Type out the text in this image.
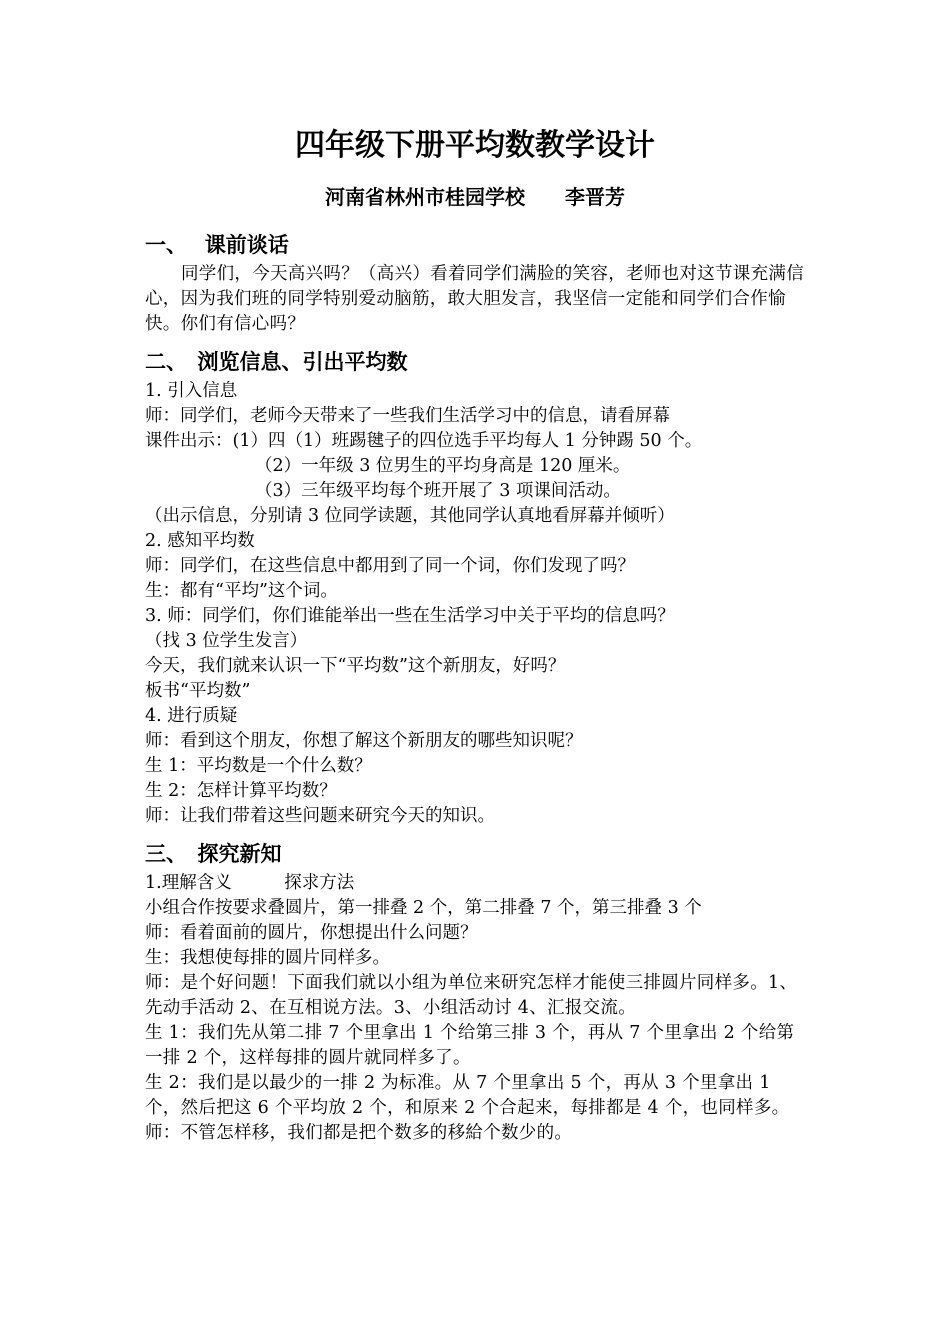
四年级下册平均数教学设计
河南省林州市桂园学校　　李晋芳
一、　 课前谈话

同学们，今天高兴吗？（高兴）看着同学们满脸的笑容，老师也对这节课充满信心，因为我们班的同学特别爱动脑筋，敢大胆发言，我坚信一定能和同学们合作愉快。你们有信心吗？

二、　浏览信息、引出平均数

1. 引入信息

师：同学们，老师今天带来了一些我们生活学习中的信息，请看屏幕

课件出示：(1）四（1）班踢毽子的四位选手平均每人 1 分钟踢 50 个。

（2）一年级 3 位男生的平均身高是 120 厘米。

（3）三年级平均每个班开展了 3 项课间活动。

（出示信息，分别请 3 位同学读题，其他同学认真地看屏幕并倾听）

2. 感知平均数

师：同学们，在这些信息中都用到了同一个词，你们发现了吗？

生：都有“平均”这个词。

3. 师：同学们，你们谁能举出一些在生活学习中关于平均的信息吗？

（找 3 位学生发言）

今天，我们就来认识一下“平均数”这个新朋友，好吗？

板书“平均数”

4. 进行质疑

师：看到这个朋友，你想了解这个新朋友的哪些知识呢？

生 1：平均数是一个什么数？

生 2：怎样计算平均数？

师：让我们带着这些问题来研究今天的知识。

三、　探究新知

1.理解含义　　　探求方法

小组合作按要求叠圆片，第一排叠 2 个，第二排叠 7 个，第三排叠 3 个

师：看着面前的圆片，你想提出什么问题？

生：我想使每排的圆片同样多。

师：是个好问题！下面我们就以小组为单位来研究怎样才能使三排圆片同样多。1、先动手活动 2、在互相说方法。3、小组活动讨 4、汇报交流。

生 1：我们先从第二排 7 个里拿出 1 个给第三排 3 个，再从 7 个里拿出 2 个给第一排 2 个，这样每排的圆片就同样多了。

生 2：我们是以最少的一排 2 为标准。从 7 个里拿出 5 个，再从 3 个里拿出 1 个，然后把这 6 个平均放 2 个，和原来 2 个合起来，每排都是 4 个，也同样多。

师：不管怎样移，我们都是把个数多的移給个数少的。
